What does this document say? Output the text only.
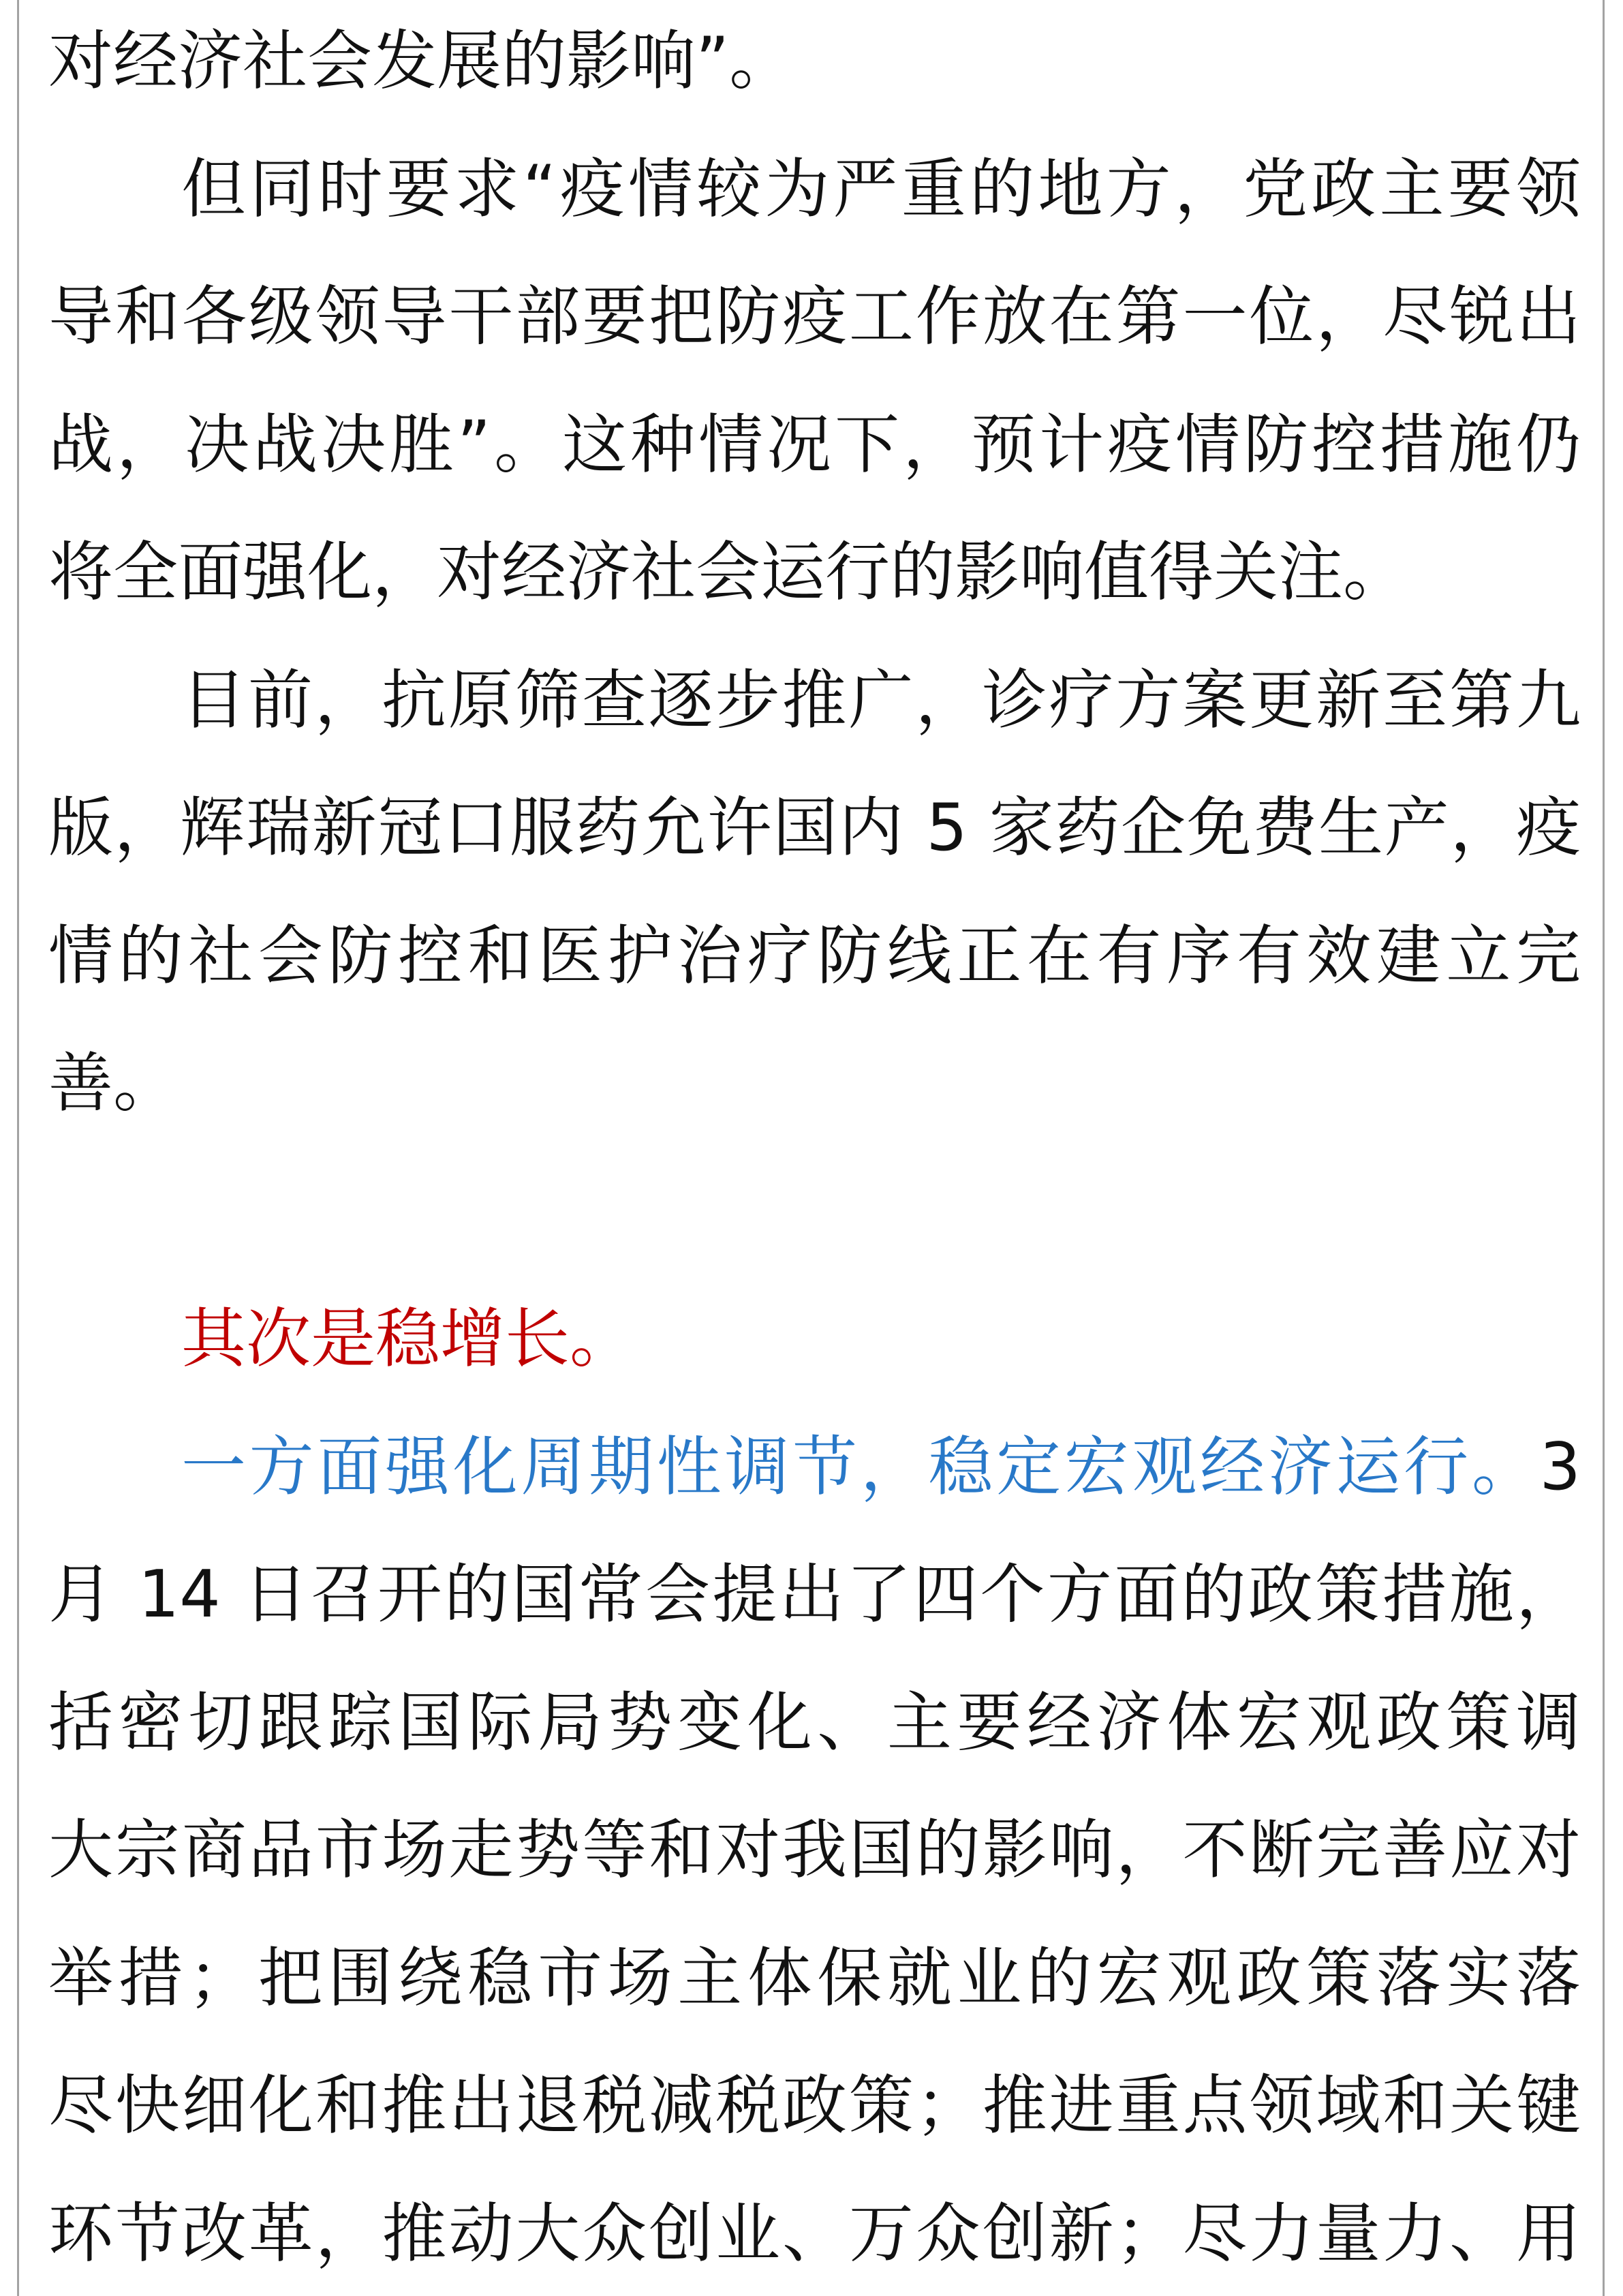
对经济社会发展的影响”。
但同时要求“疫情较为严重的地方，党政主要领
导和各级领导干部要把防疫工作放在第一位，尽锐出
战，决战决胜”。这种情况下，预计疫情防控措施仍
将全面强化，对经济社会运行的影响值得关注。
目前，抗原筛查逐步推广，诊疗方案更新至第九
版，辉瑞新冠口服药允许国内 5 家药企免费生产，疫
情的社会防控和医护治疗防线正在有序有效建立完
善。
其次是稳增长。
一方面强化周期性调节，稳定宏观经济运行。3
月 14 日召开的国常会提出了四个方面的政策措施，
括密切跟踪国际局势变化、主要经济体宏观政策调
大宗商品市场走势等和对我国的影响，不断完善应对
举措；把围绕稳市场主体保就业的宏观政策落实落
尽快细化和推出退税减税政策；推进重点领域和关键
环节改革，推动大众创业、万众创新；尽力量力、用
